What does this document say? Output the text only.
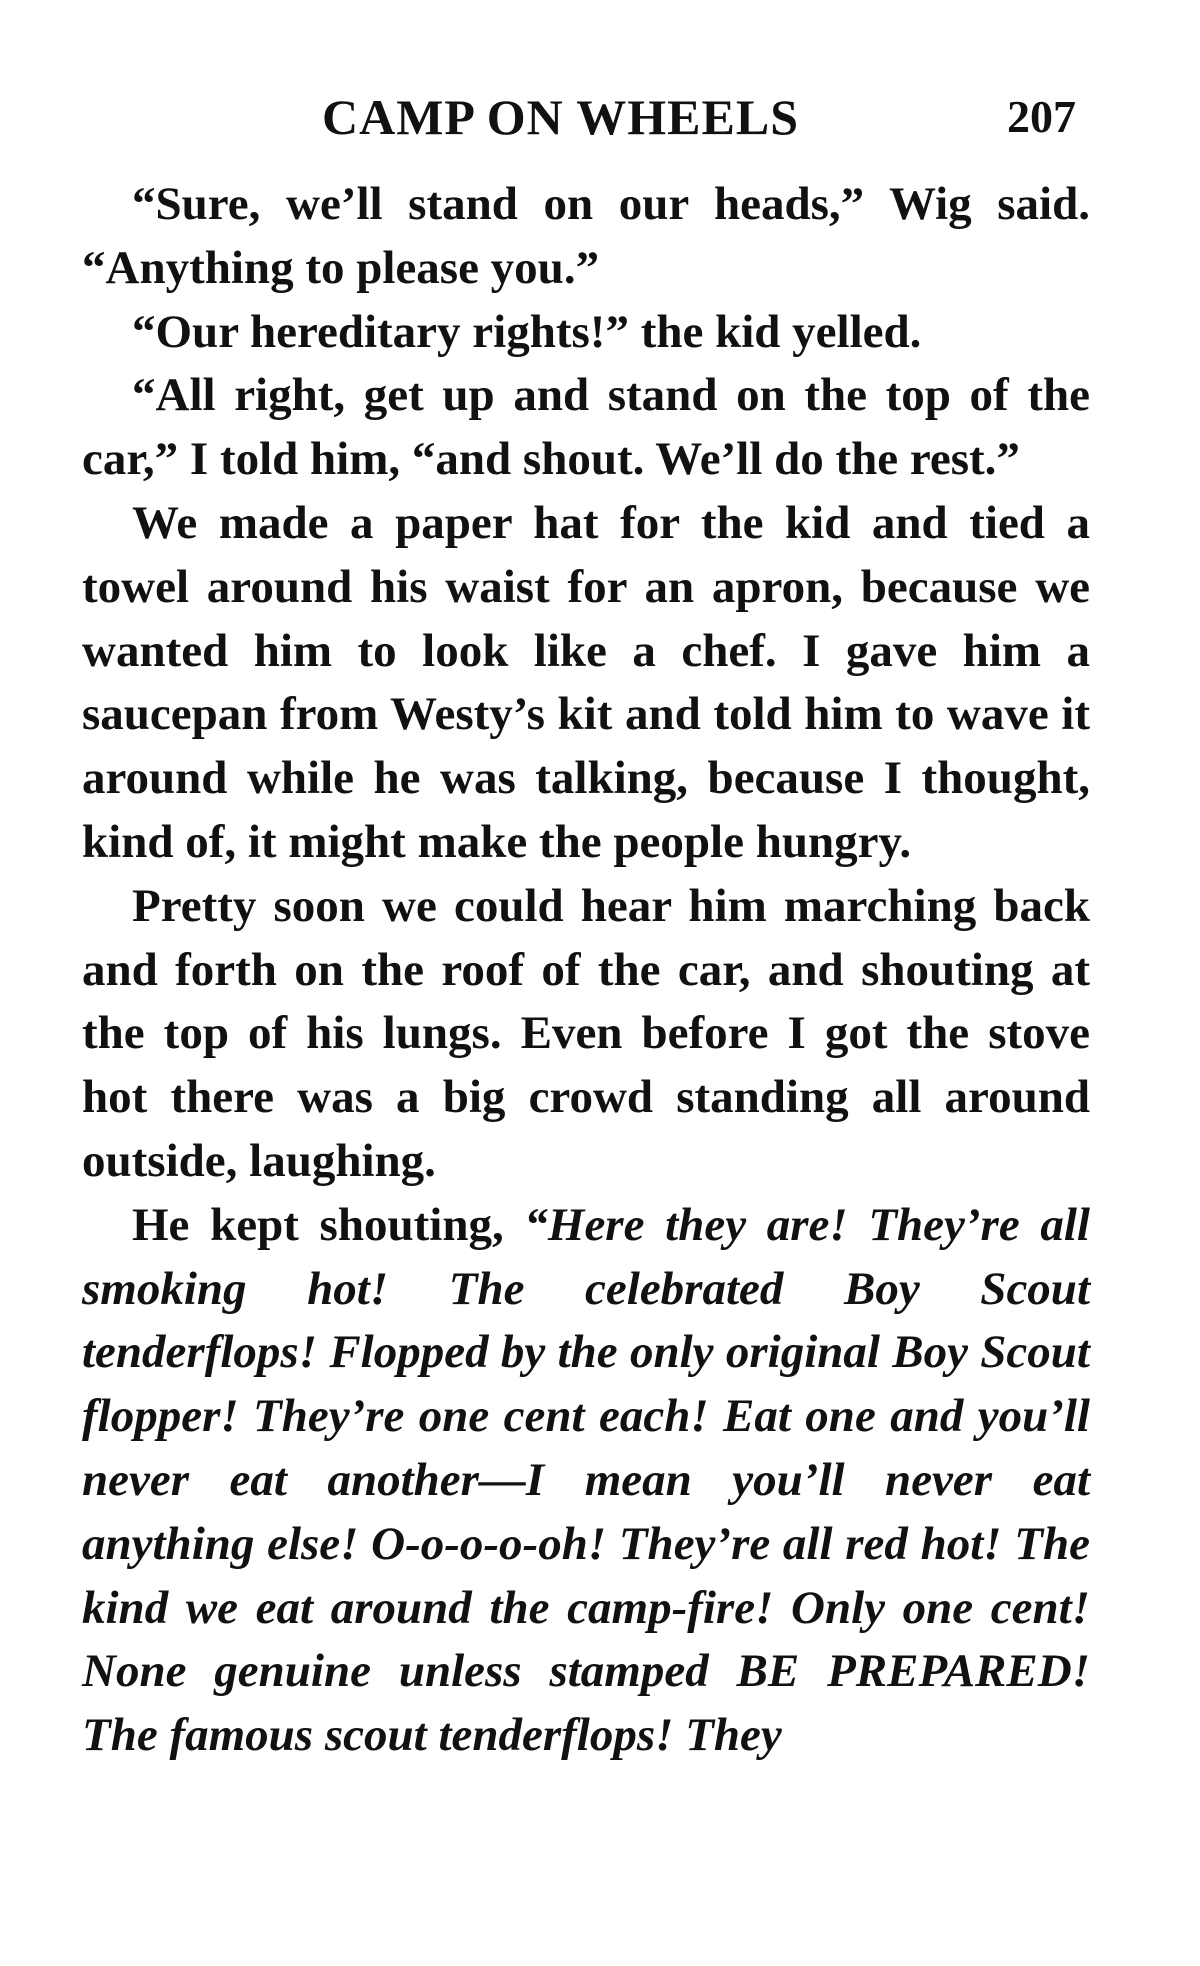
CAMP ON WHEELS	207

“Sure, we’ll stand on our heads,” Wig said. “Anything to please you.”

“Our hereditary rights!” the kid yelled.

“All right, get up and stand on the top of the car,” I told him, “and shout. We’ll do the rest.”

We made a paper hat for the kid and tied a towel around his waist for an apron, because we wanted him to look like a chef. I gave him a saucepan from Westy’s kit and told him to wave it around while he was talking, because I thought, kind of, it might make the people hungry.

Pretty soon we could hear him marching back and forth on the roof of the car, and shouting at the top of his lungs. Even before I got the stove hot there was a big crowd standing all around outside, laughing.

He kept shouting, “Here they are! They’re all smoking hot! The celebrated Boy Scout tenderflops! Flopped by the only original Boy Scout flopper! They’re one cent each! Eat one and you’ll never eat another—I mean you’ll never eat anything else! O-o-o-o-oh! They’re all red hot! The kind we eat around the camp-fire! Only one cent! None genuine unless stamped BE PREPARED! The famous scout tenderflops! They
